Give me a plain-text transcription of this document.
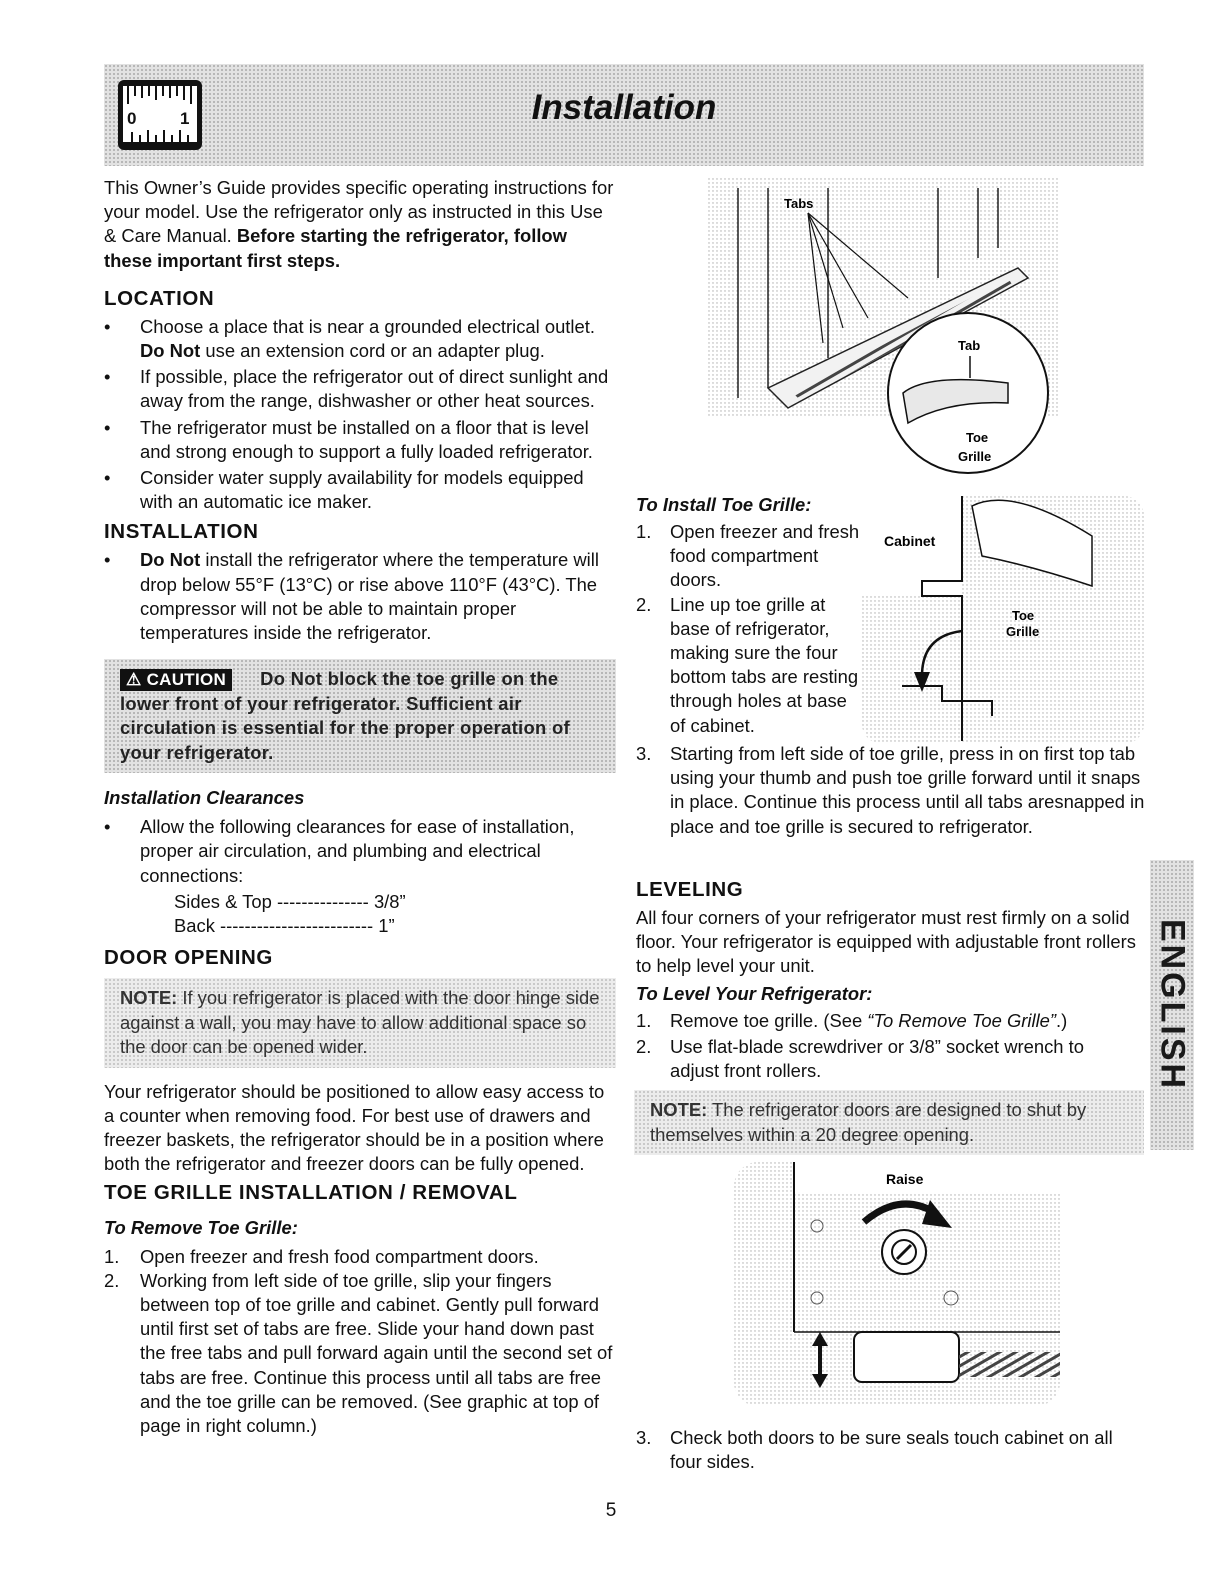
0	1	Installation

This Owner’s Guide provides specific operating instructions for your model. Use the refrigerator only as instructed in this Use & Care Manual. Before starting the refrigerator, follow these important first steps.

LOCATION
• Choose a place that is near a grounded electrical outlet. Do Not use an extension cord or an adapter plug.
• If possible, place the refrigerator out of direct sunlight and away from the range, dishwasher or other heat sources.
• The refrigerator must be installed on a floor that is level and strong enough to support a fully loaded refrigerator.
• Consider water supply availability for models equipped with an automatic ice maker.
INSTALLATION
• Do Not install the refrigerator where the temperature will drop below 55°F (13°C) or rise above 110°F (43°C). The compressor will not be able to maintain proper temperatures inside the refrigerator.
⚠ CAUTION Do Not block the toe grille on the lower front of your refrigerator. Sufficient air circulation is essential for the proper operation of your refrigerator.
Installation Clearances
• Allow the following clearances for ease of installation, proper air circulation, and plumbing and electrical connections:
Sides & Top --------------- 3/8”
Back ------------------------- 1”
DOOR OPENING
NOTE: If you refrigerator is placed with the door hinge side against a wall, you may have to allow additional space so the door can be opened wider.

Your refrigerator should be positioned to allow easy access to a counter when removing food. For best use of drawers and freezer baskets, the refrigerator should be in a position where both the refrigerator and freezer doors can be fully opened.

TOE GRILLE INSTALLATION / REMOVAL
To Remove Toe Grille:
1. Open freezer and fresh food compartment doors.
2. Working from left side of toe grille, slip your fingers between top of toe grille and cabinet. Gently pull forward until first set of tabs are free. Slide your hand down past the free tabs and pull forward again until the second set of tabs are free. Continue this process until all tabs are free and the toe grille can be removed. (See graphic at top of page in right column.)
Tabs
Tab
Toe
Grille
To Install Toe Grille:
1. Open freezer and fresh food compartment doors.
2. Line up toe grille at base of refrigerator, making sure the four bottom tabs are resting through holes at base of cabinet.
Cabinet
Toe
Grille
3. Starting from left side of toe grille, press in on first top tab using your thumb and push toe grille forward until it snaps in place. Continue this process until all tabs aresnapped in place and toe grille is secured to refrigerator.
LEVELING

All four corners of your refrigerator must rest firmly on a solid floor. Your refrigerator is equipped with adjustable front rollers to help level your unit.

To Level Your Refrigerator:
1. Remove toe grille. (See “To Remove Toe Grille”.)
2. Use flat-blade screwdriver or 3/8” socket wrench to adjust front rollers.
NOTE: The refrigerator doors are designed to shut by themselves within a 20 degree opening.
Raise
3. Check both doors to be sure seals touch cabinet on all four sides.
ENGLISH
5
